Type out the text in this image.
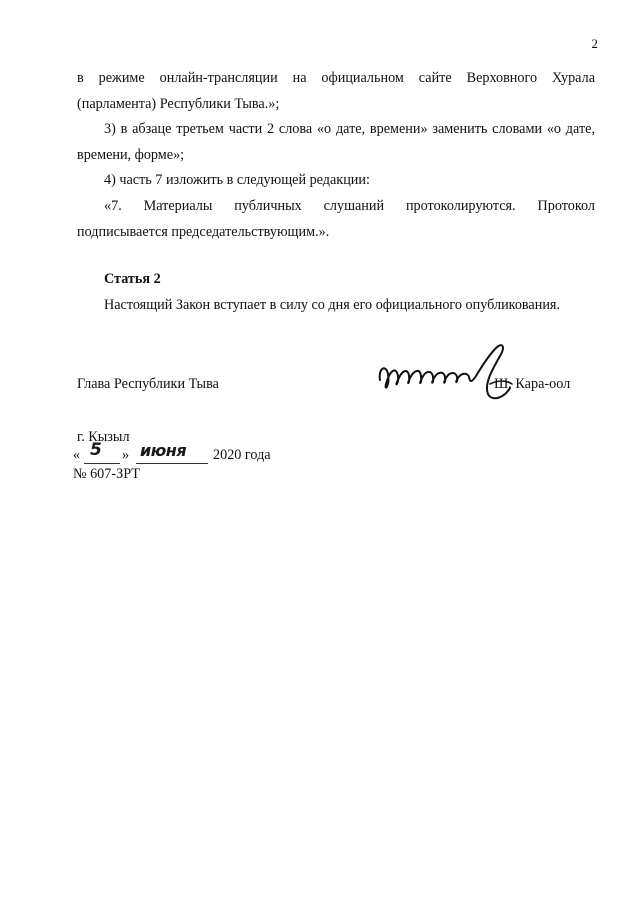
2

в режиме онлайн-трансляции на официальном сайте Верховного Хурала (парламента) Республики Тыва.»;

3) в абзаце третьем части 2 слова «о дате, времени» заменить словами «о дате, времени, форме»;

4) часть 7 изложить в следующей редакции:

«7. Материалы публичных слушаний протоколируются. Протокол подписывается председательствующим.».

Статья 2
Настоящий Закон вступает в силу со дня его официального опубликования.
Глава Республики Тыва	Ш. Кара-оол
г. Кызыл
«	»	2020 года
5 июня
№ 607-ЗРТ
